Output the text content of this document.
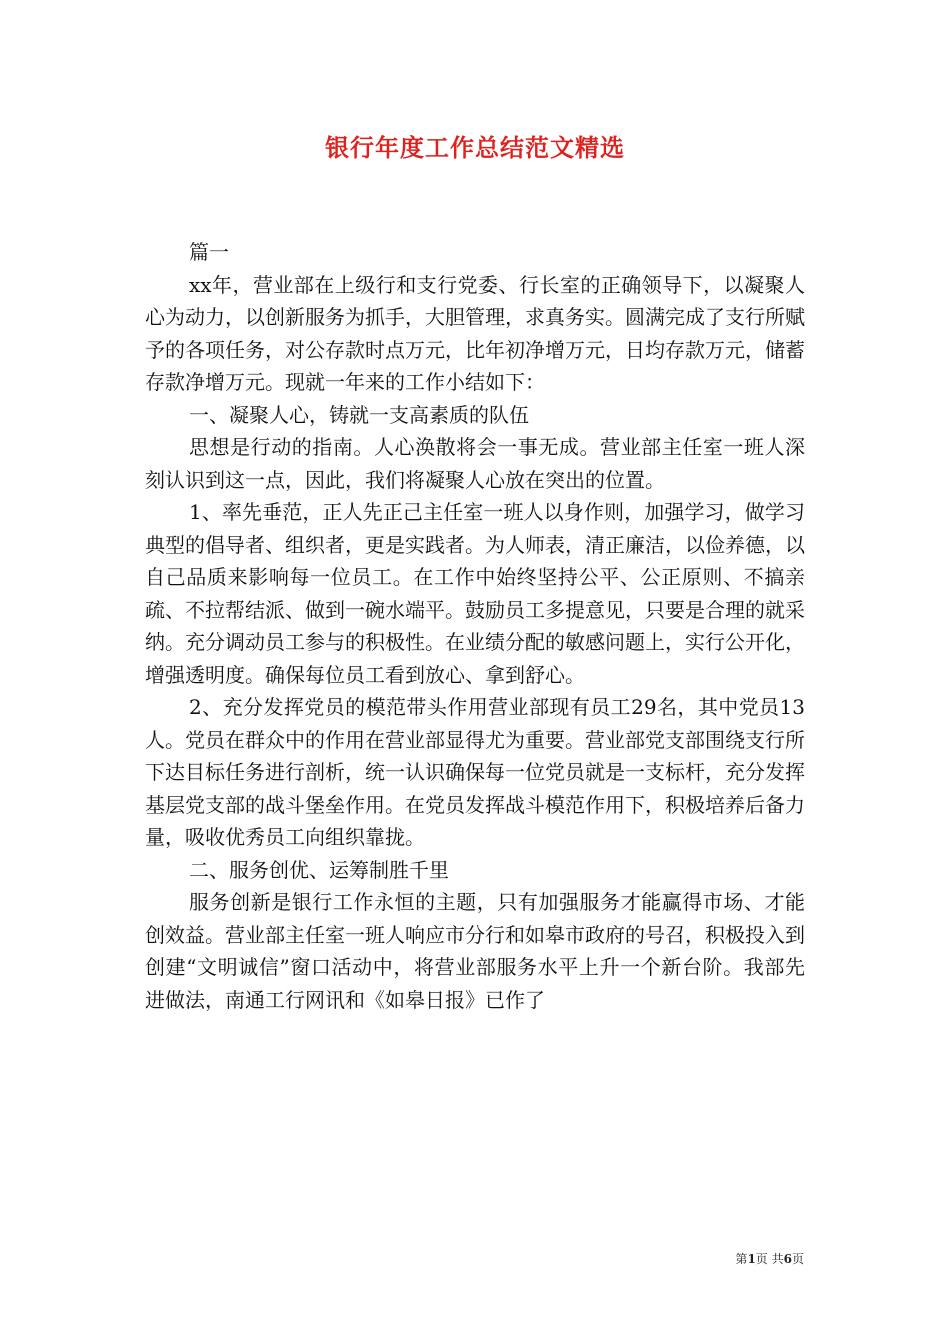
银行年度工作总结范文精选

篇一

xx年，营业部在上级行和支行党委、行长室的正确领导下，以凝聚人心为动力，以创新服务为抓手，大胆管理，求真务实。圆满完成了支行所赋予的各项任务，对公存款时点万元，比年初净增万元，日均存款万元，储蓄存款净增万元。现就一年来的工作小结如下：

一、凝聚人心，铸就一支高素质的队伍

思想是行动的指南。人心涣散将会一事无成。营业部主任室一班人深刻认识到这一点，因此，我们将凝聚人心放在突出的位置。

1、率先垂范，正人先正己主任室一班人以身作则，加强学习，做学习典型的倡导者、组织者，更是实践者。为人师表，清正廉洁，以俭养德，以自己品质来影响每一位员工。在工作中始终坚持公平、公正原则、不搞亲疏、不拉帮结派、做到一碗水端平。鼓励员工多提意见，只要是合理的就采纳。充分调动员工参与的积极性。在业绩分配的敏感问题上，实行公开化，增强透明度。确保每位员工看到放心、拿到舒心。

2、充分发挥党员的模范带头作用营业部现有员工29名，其中党员13人。党员在群众中的作用在营业部显得尤为重要。营业部党支部围绕支行所下达目标任务进行剖析，统一认识确保每一位党员就是一支标杆，充分发挥基层党支部的战斗堡垒作用。在党员发挥战斗模范作用下，积极培养后备力量，吸收优秀员工向组织靠拢。

二、服务创优、运筹制胜千里

服务创新是银行工作永恒的主题，只有加强服务才能赢得市场、才能创效益。营业部主任室一班人响应市分行和如皋市政府的号召，积极投入到创建“文明诚信”窗口活动中，将营业部服务水平上升一个新台阶。我部先进做法，南通工行网讯和《如皋日报》已作了

第1页 共6页
